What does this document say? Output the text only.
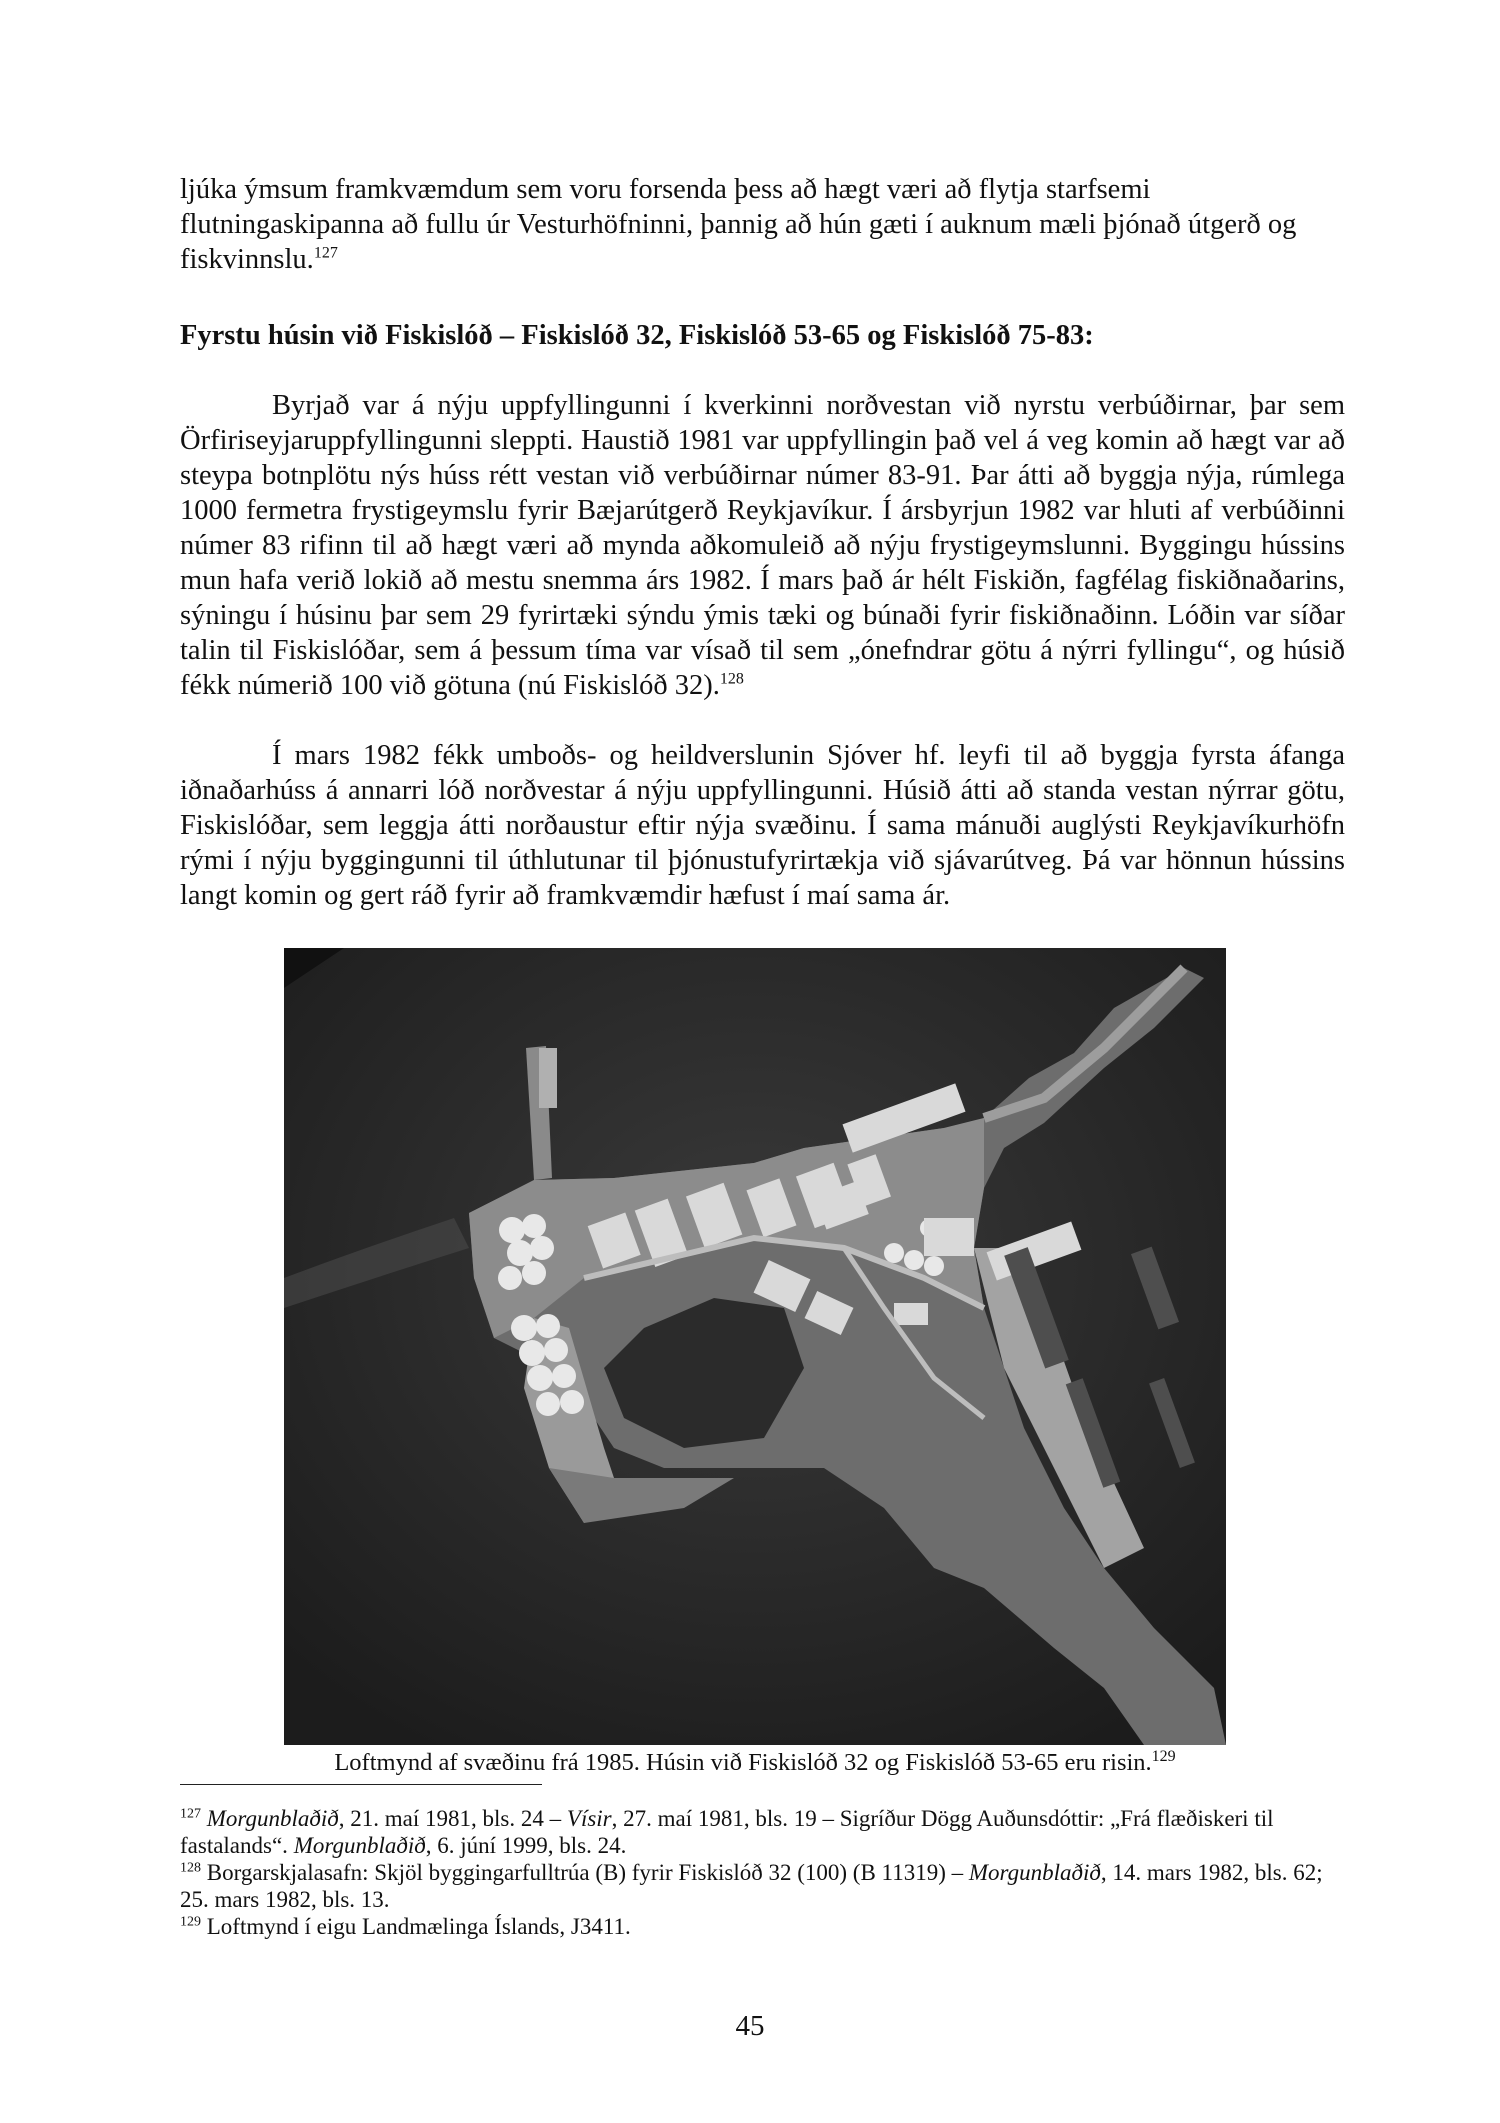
ljúka ýmsum framkvæmdum sem voru forsenda þess að hægt væri að flytja starfsemi flutningaskipanna að fullu úr Vesturhöfninni, þannig að hún gæti í auknum mæli þjónað útgerð og fiskvinnslu.$^{127}$
Fyrstu húsin við Fiskislóð – Fiskislóð 32, Fiskislóð 53-65 og Fiskislóð 75-83:
Byrjað var á nýju uppfyllingunni í kverkinni norðvestan við nyrstu verbúðirnar, þar sem Örfiriseyjaruppfyllingunni sleppti. Haustið 1981 var uppfyllingin það vel á veg komin að hægt var að steypa botnplötu nýs húss rétt vestan við verbúðirnar númer 83-91. Þar átti að byggja nýja, rúmlega 1000 fermetra frystigeymslu fyrir Bæjarútgerð Reykjavíkur. Í ársbyrjun 1982 var hluti af verbúðinni númer 83 rifinn til að hægt væri að mynda aðkomuleið að nýju frystigeymslunni. Byggingu hússins mun hafa verið lokið að mestu snemma árs 1982. Í mars það ár hélt Fiskiðn, fagfélag fiskiðnaðarins, sýningu í húsinu þar sem 29 fyrirtæki sýndu ýmis tæki og búnaði fyrir fiskiðnaðinn. Lóðin var síðar talin til Fiskislóðar, sem á þessum tíma var vísað til sem „ónefndrar götu á nýrri fyllingu“, og húsið fékk númerið 100 við götuna (nú Fiskislóð 32).$^{128}$
Í mars 1982 fékk umboðs- og heildverslunin Sjóver hf. leyfi til að byggja fyrsta áfanga iðnaðarhúss á annarri lóð norðvestar á nýju uppfyllingunni. Húsið átti að standa vestan nýrrar götu, Fiskislóðar, sem leggja átti norðaustur eftir nýja svæðinu. Í sama mánuði auglýsti Reykjavíkurhöfn rými í nýju byggingunni til úthlutunar til þjónustufyrirtækja við sjávarútveg. Þá var hönnun hússins langt komin og gert ráð fyrir að framkvæmdir hæfust í maí sama ár.
Loftmynd af svæðinu frá 1985. Húsin við Fiskislóð 32 og Fiskislóð 53-65 eru risin.$^{129}$

$^{127}$ Morgunblaðið, 21. maí 1981, bls. 24 – Vísir, 27. maí 1981, bls. 19 – Sigríður Dögg Auðunsdóttir: „Frá flæðiskeri til fastalands“. Morgunblaðið, 6. júní 1999, bls. 24.

$^{128}$ Borgarskjalasafn: Skjöl byggingarfulltrúa (B) fyrir Fiskislóð 32 (100) (B 11319) – Morgunblaðið, 14. mars 1982, bls. 62; 25. mars 1982, bls. 13.

$^{129}$ Loftmynd í eigu Landmælinga Íslands, J3411.

45
